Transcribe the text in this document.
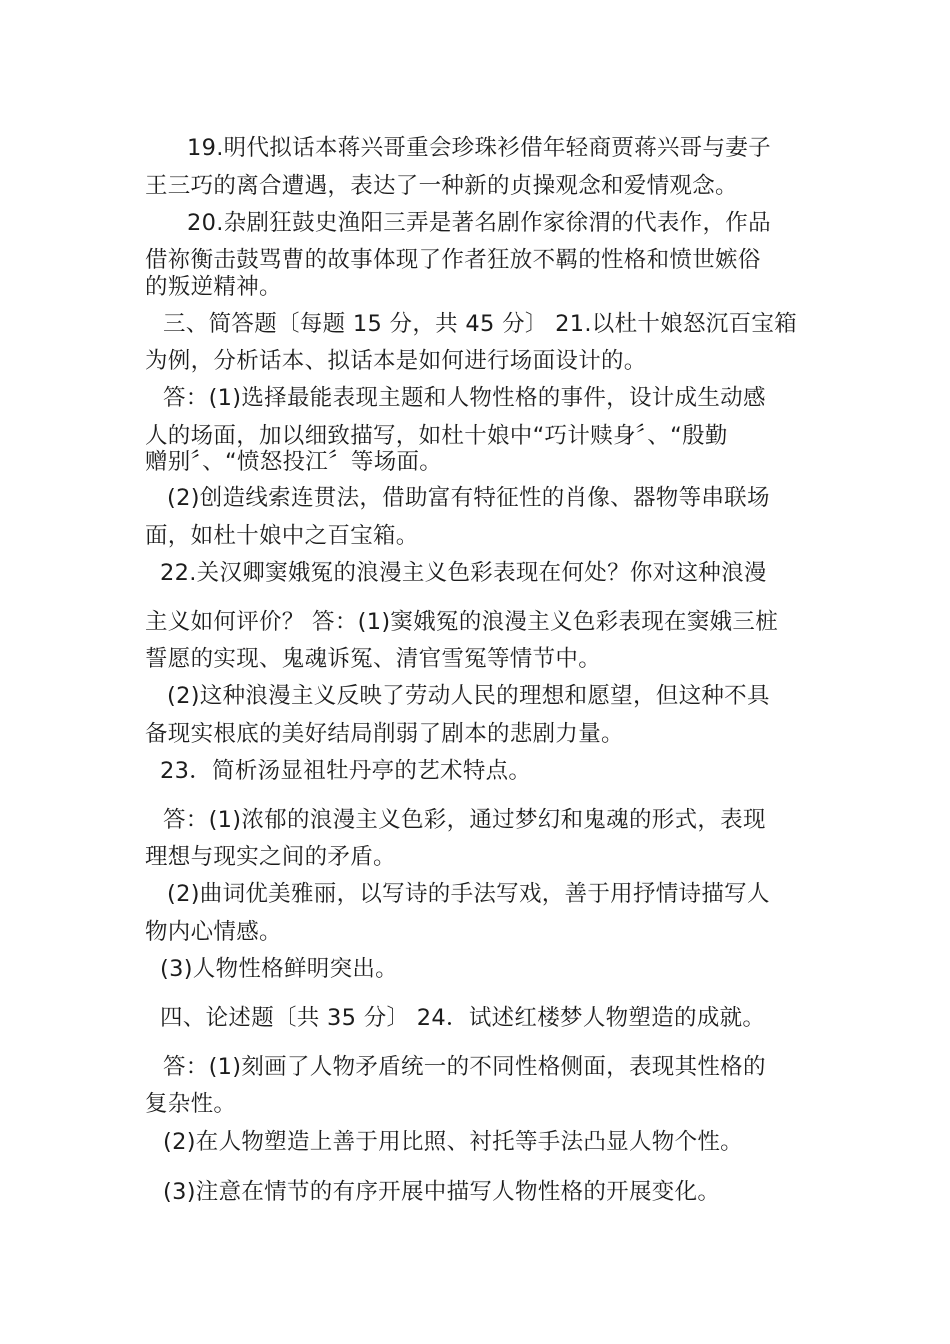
19.明代拟话本蒋兴哥重会珍珠衫借年轻商贾蒋兴哥与妻子
王三巧的离合遭遇，表达了一种新的贞操观念和爱情观念。
20.杂剧狂鼓史渔阳三弄是著名剧作家徐渭的代表作，作品
借祢衡击鼓骂曹的故事体现了作者狂放不羁的性格和愤世嫉俗
的叛逆精神。
三、简答题〔每题 15 分，共 45 分〕 21.以杜十娘怒沉百宝箱
为例，分析话本、拟话本是如何进行场面设计的。
答：(1)选择最能表现主题和人物性格的事件，设计成生动感
人的场面，加以细致描写，如杜十娘中“巧计赎身〞、“殷勤
赠别〞、“愤怒投江〞等场面。
(2)创造线索连贯法，借助富有特征性的肖像、器物等串联场
面，如杜十娘中之百宝箱。
22.关汉卿窦娥冤的浪漫主义色彩表现在何处？你对这种浪漫
主义如何评价？ 答：(1)窦娥冤的浪漫主义色彩表现在窦娥三桩
誓愿的实现、鬼魂诉冤、清官雪冤等情节中。
(2)这种浪漫主义反映了劳动人民的理想和愿望，但这种不具
备现实根底的美好结局削弱了剧本的悲剧力量。
23．简析汤显祖牡丹亭的艺术特点。
答：(1)浓郁的浪漫主义色彩，通过梦幻和鬼魂的形式，表现
理想与现实之间的矛盾。
(2)曲词优美雅丽，以写诗的手法写戏，善于用抒情诗描写人
物内心情感。
(3)人物性格鲜明突出。
四、论述题〔共 35 分〕 24．试述红楼梦人物塑造的成就。
答：(1)刻画了人物矛盾统一的不同性格侧面，表现其性格的
复杂性。
(2)在人物塑造上善于用比照、衬托等手法凸显人物个性。
(3)注意在情节的有序开展中描写人物性格的开展变化。
